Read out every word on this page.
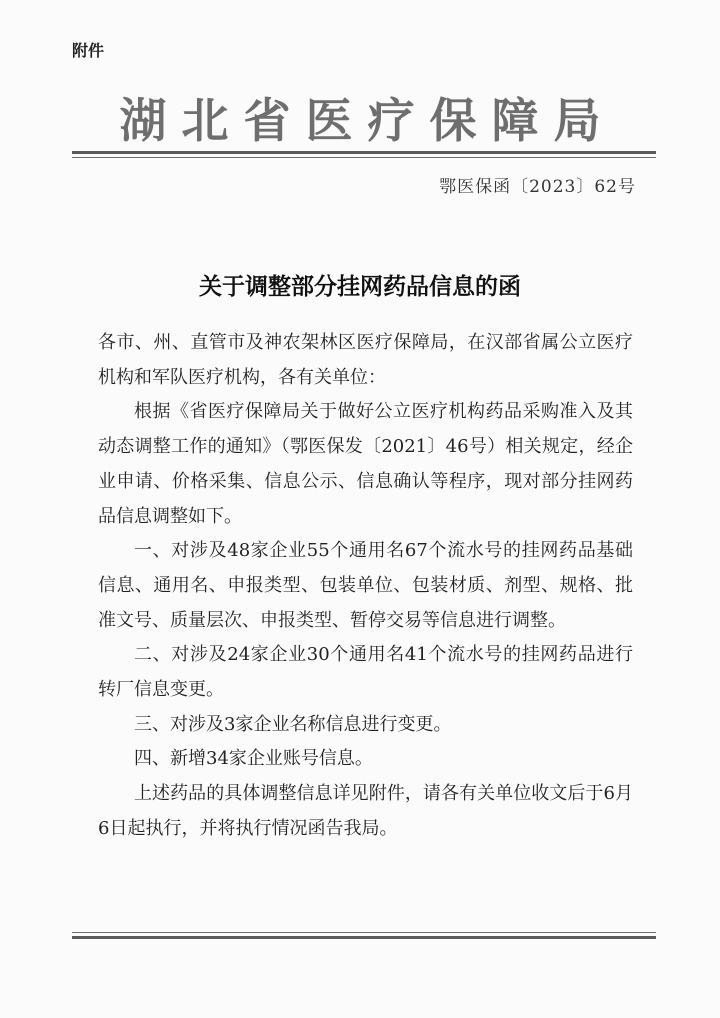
附件
湖北省医疗保障局
鄂医保函〔2023〕62号
关于调整部分挂网药品信息的函

各市、州、直管市及神农架林区医疗保障局，在汉部省属公立医疗机构和军队医疗机构，各有关单位：

根据《省医疗保障局关于做好公立医疗机构药品采购准入及其动态调整工作的通知》（鄂医保发〔2021〕46号）相关规定，经企业申请、价格采集、信息公示、信息确认等程序，现对部分挂网药品信息调整如下。

一、对涉及48家企业55个通用名67个流水号的挂网药品基础信息、通用名、申报类型、包装单位、包装材质、剂型、规格、批准文号、质量层次、申报类型、暂停交易等信息进行调整。

二、对涉及24家企业30个通用名41个流水号的挂网药品进行转厂信息变更。

三、对涉及3家企业名称信息进行变更。

四、新增34家企业账号信息。

上述药品的具体调整信息详见附件，请各有关单位收文后于6月6日起执行，并将执行情况函告我局。
